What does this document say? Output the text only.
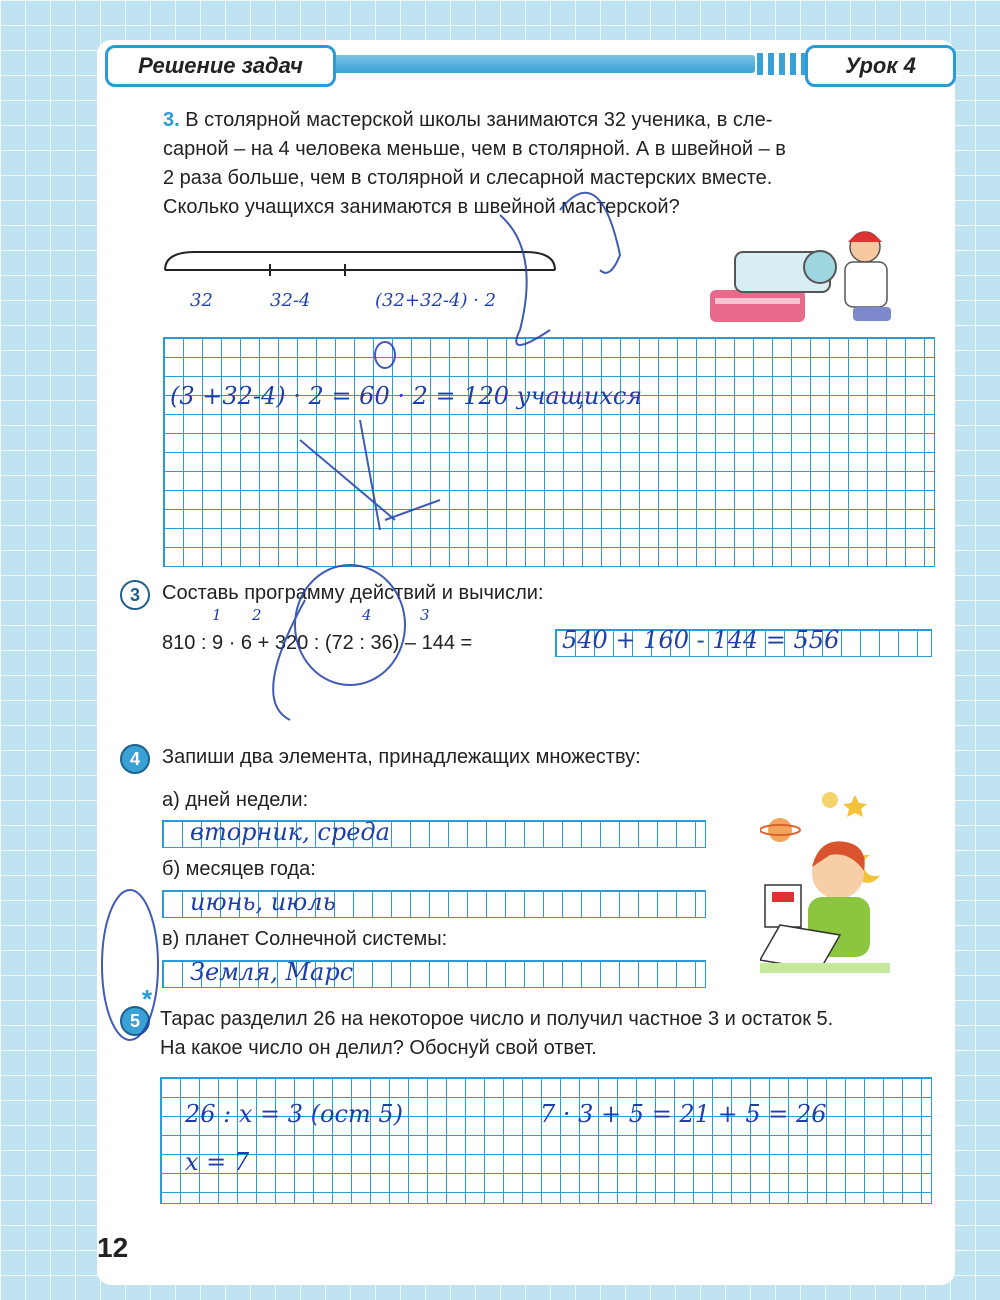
Решение задач	Урок 4
3. В столярной мастерской школы занимаются 32 ученика, в сле-
сарной – на 4 человека меньше, чем в столярной. А в швейной – в
2 раза больше, чем в столярной и слесарной мастерских вместе.
Сколько учащихся занимаются в швейной мастерской?
32	32-4	(32+32-4) · 2
(3 +32-4) · 2 = 60 · 2 = 120 учащихся
3	Составь программу действий и вычисли:
1 2	4	3
810 : 9 · 6 + 320 : (72 : 36) – 144 =	540 + 160 - 144 = 556
4	Запиши два элемента, принадлежащих множеству:
а) дней недели:
вторник, среда
б) месяцев года:
июнь, июль
в) планет Солнечной системы:
Земля, Марс
5
*
Тарас разделил 26 на некоторое число и получил частное 3 и остаток 5.
На какое число он делил? Обоснуй свой ответ.
26 : x = 3 (ост 5)
x = 7
7 · 3 + 5 = 21 + 5 = 26
12
